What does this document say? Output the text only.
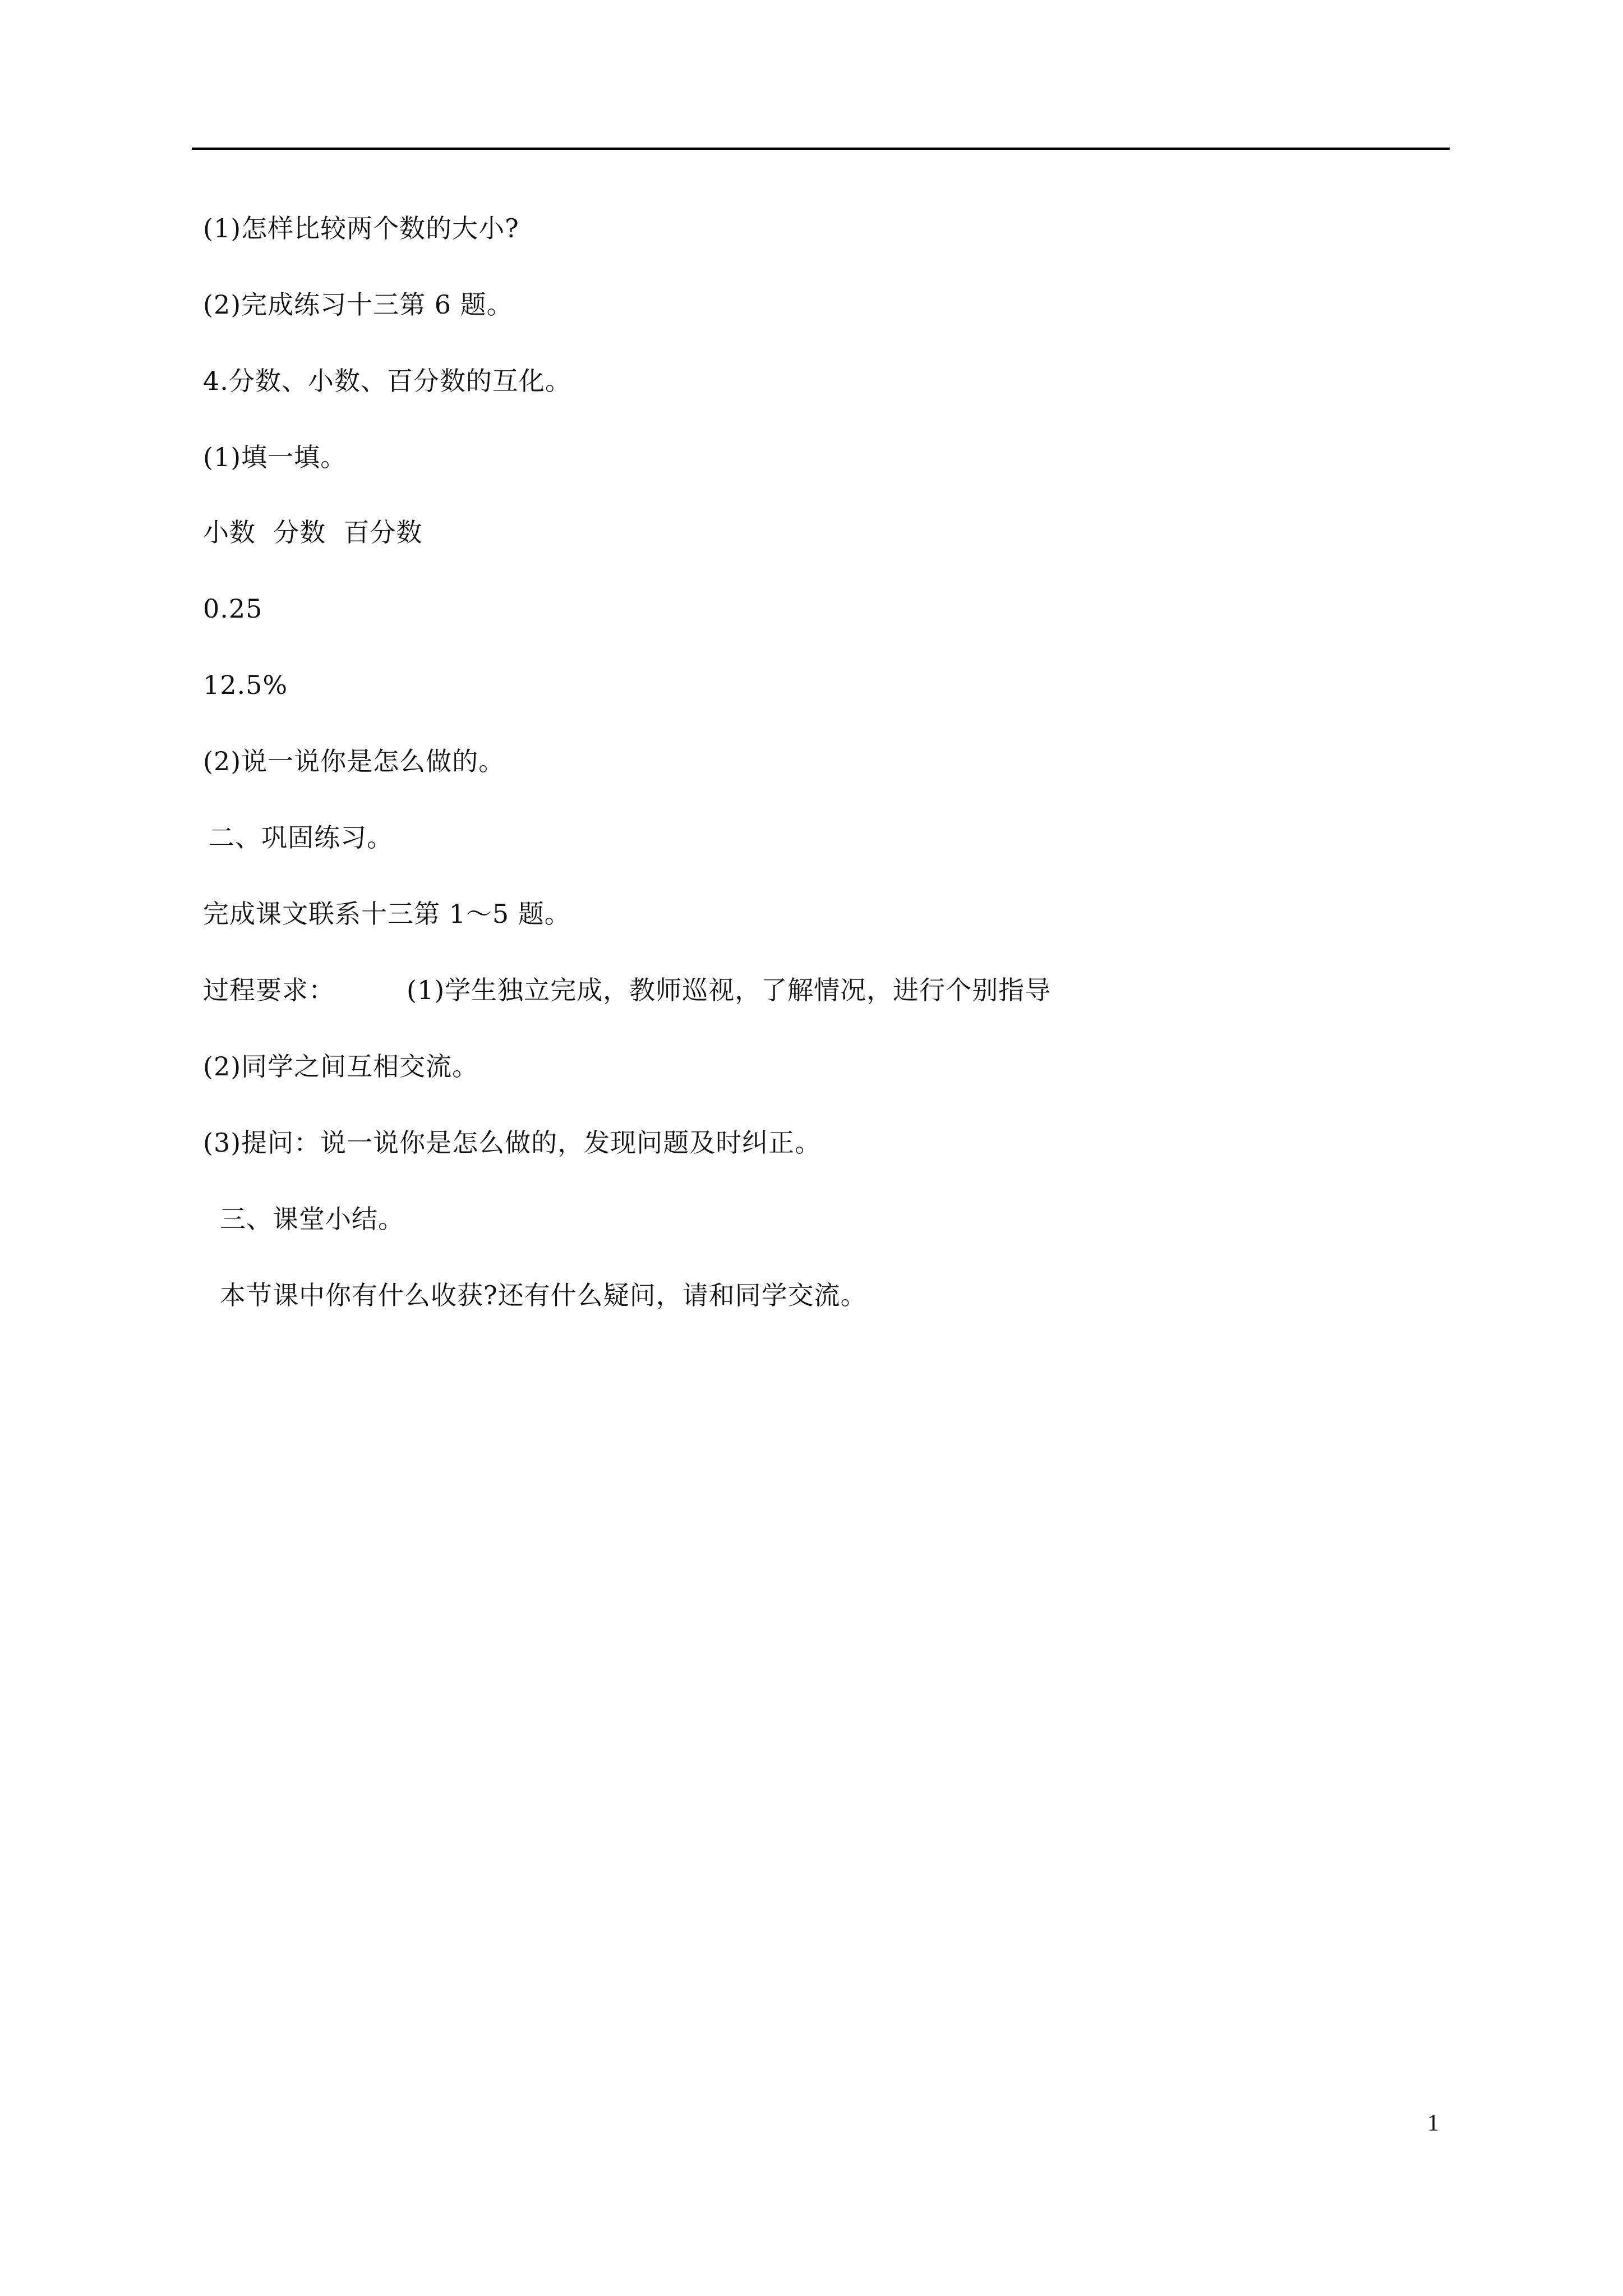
(1)怎样比较两个数的大小?
(2)完成练习十三第 6 题。
4.分数、小数、百分数的互化。
(1)填一填。
小数  分数  百分数
0.25
12.5%
(2)说一说你是怎么做的。
二、巩固练习。
完成课文联系十三第 1～5 题。
过程要求：	(1)学生独立完成，教师巡视，了解情况，进行个别指导
(2)同学之间互相交流。
(3)提问：说一说你是怎么做的，发现问题及时纠正。
三、课堂小结。
本节课中你有什么收获?还有什么疑问，请和同学交流。
1
